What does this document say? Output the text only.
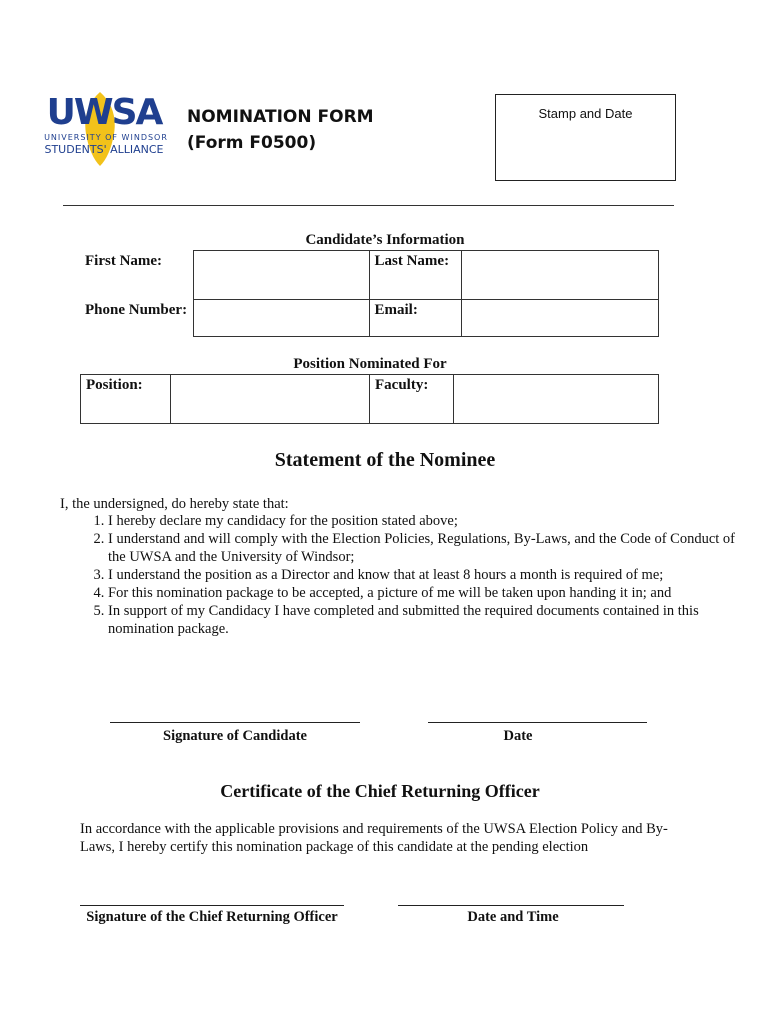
UWSA
UNIVERSITY OF WINDSOR
STUDENTS' ALLIANCE
NOMINATION FORM
(Form F0500)
Stamp and Date
Candidate’s Information
First Name:		Last Name:	
Phone Number:		Email:	
Position Nominated For
Position:		Faculty:	
Statement of the Nominee
I, the undersigned, do hereby state that:
1. I hereby declare my candidacy for the position stated above;
2. I understand and will comply with the Election Policies, Regulations, By-Laws, and the Code of Conduct of the UWSA and the University of Windsor;
3. I understand the position as a Director and know that at least 8 hours a month is required of me;
4. For this nomination package to be accepted, a picture of me will be taken upon handing it in; and
5. In support of my Candidacy I have completed and submitted the required documents contained in this nomination package.
Signature of Candidate	Date
Certificate of the Chief Returning Officer
In accordance with the applicable provisions and requirements of the UWSA Election Policy and By-Laws, I hereby certify this nomination package of this candidate at the pending election
Signature of the Chief Returning Officer	Date and Time
